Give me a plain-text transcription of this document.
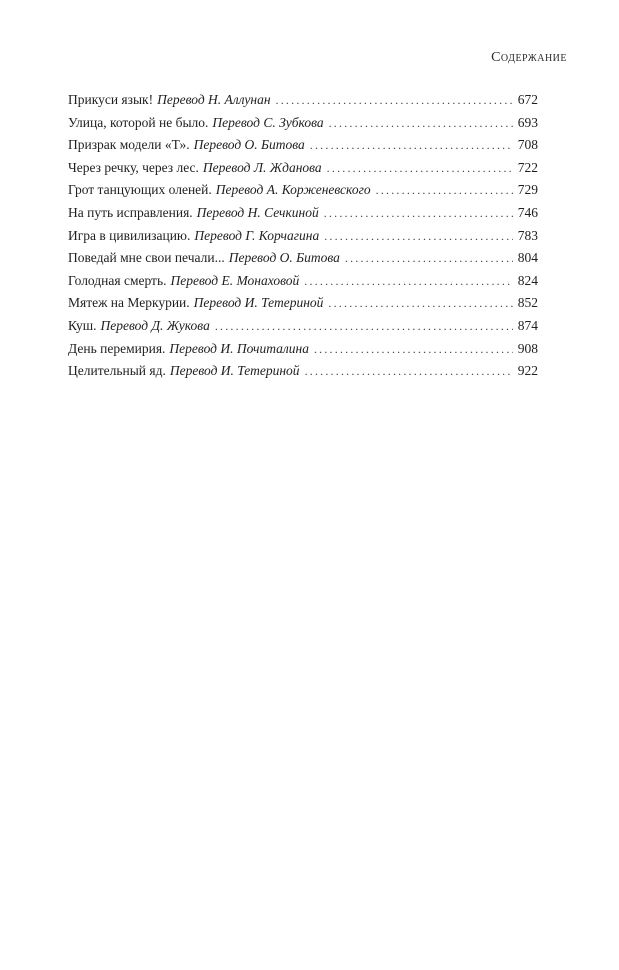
Содержание
Прикуси язык! Перевод Н. Аллунан .....	672
Улица, которой не было. Перевод С. Зубкова .....	693
Призрак модели «Т». Перевод О. Битова .....	708
Через речку, через лес. Перевод Л. Жданова .....	722
Грот танцующих оленей. Перевод А. Корженевского .....	729
На путь исправления. Перевод Н. Сечкиной .....	746
Игра в цивилизацию. Перевод Г. Корчагина .....	783
Поведай мне свои печали... Перевод О. Битова .....	804
Голодная смерть. Перевод Е. Монаховой .....	824
Мятеж на Меркурии. Перевод И. Тетериной .....	852
Куш. Перевод Д. Жукова .....	874
День перемирия. Перевод И. Почиталина .....	908
Целительный яд. Перевод И. Тетериной .....	922
